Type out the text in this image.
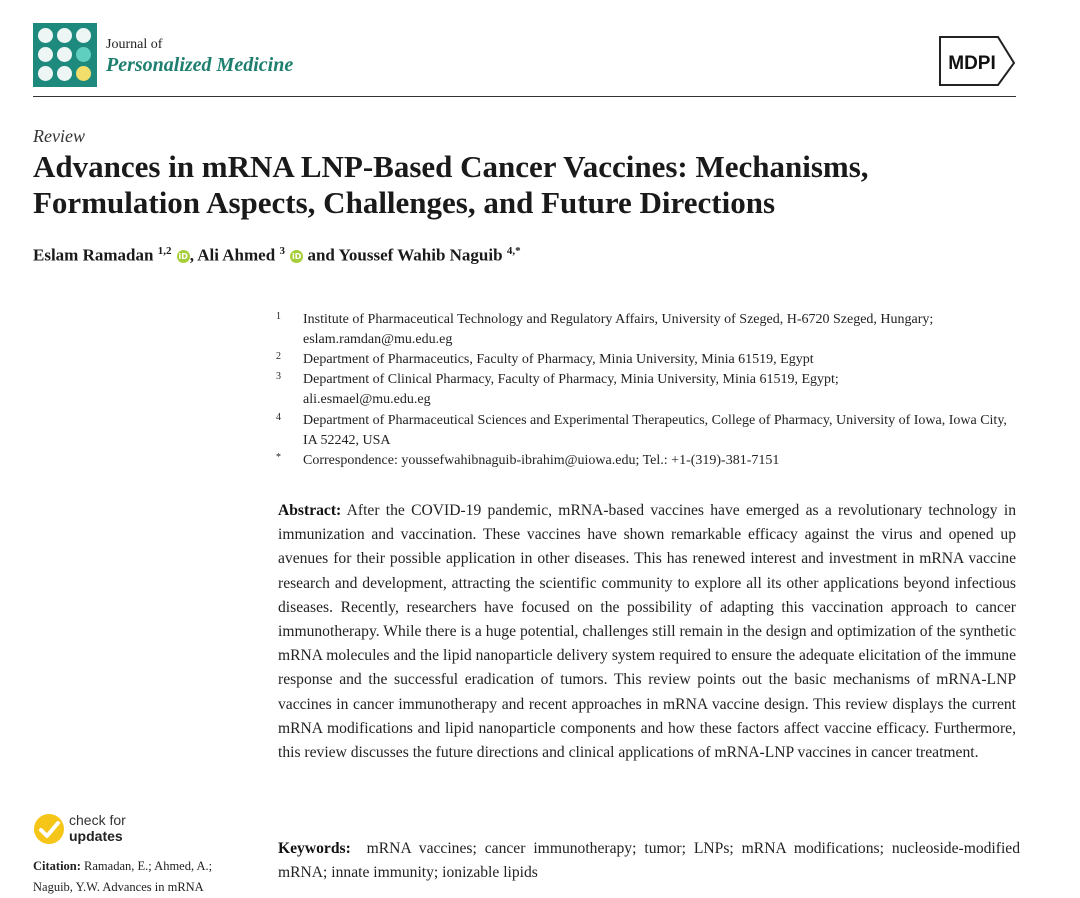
Journal of
Personalized Medicine	MDPI
Review
Advances in mRNA LNP-Based Cancer Vaccines: Mechanisms, Formulation Aspects, Challenges, and Future Directions
Eslam Ramadan $^{1,2}$ iD , Ali Ahmed $^3$ iD and Youssef Wahib Naguib $^{4,*}$
1 Institute of Pharmaceutical Technology and Regulatory Affairs, University of Szeged, H-6720 Szeged, Hungary; eslam.ramdan@mu.edu.eg
2 Department of Pharmaceutics, Faculty of Pharmacy, Minia University, Minia 61519, Egypt
3 Department of Clinical Pharmacy, Faculty of Pharmacy, Minia University, Minia 61519, Egypt; ali.esmael@mu.edu.eg
4 Department of Pharmaceutical Sciences and Experimental Therapeutics, College of Pharmacy, University of Iowa, Iowa City, IA 52242, USA
* Correspondence: youssefwahibnaguib-ibrahim@uiowa.edu; Tel.: +1-(319)-381-7151
Abstract: After the COVID-19 pandemic, mRNA-based vaccines have emerged as a revolutionary technology in immunization and vaccination. These vaccines have shown remarkable efficacy against the virus and opened up avenues for their possible application in other diseases. This has renewed interest and investment in mRNA vaccine research and development, attracting the scientific community to explore all its other applications beyond infectious diseases. Recently, researchers have focused on the possibility of adapting this vaccination approach to cancer immunotherapy. While there is a huge potential, challenges still remain in the design and optimization of the synthetic mRNA molecules and the lipid nanoparticle delivery system required to ensure the adequate elicitation of the immune response and the successful eradication of tumors. This review points out the basic mechanisms of mRNA-LNP vaccines in cancer immunotherapy and recent approaches in mRNA vaccine design. This review displays the current mRNA modifications and lipid nanoparticle components and how these factors affect vaccine efficacy. Furthermore, this review discusses the future directions and clinical applications of mRNA-LNP vaccines in cancer treatment.
Keywords: mRNA vaccines; cancer immunotherapy; tumor; LNPs; mRNA modifications; nucleoside-modified mRNA; innate immunity; ionizable lipids
check for
updates
Citation: Ramadan, E.; Ahmed, A.; Naguib, Y.W. Advances in mRNA
